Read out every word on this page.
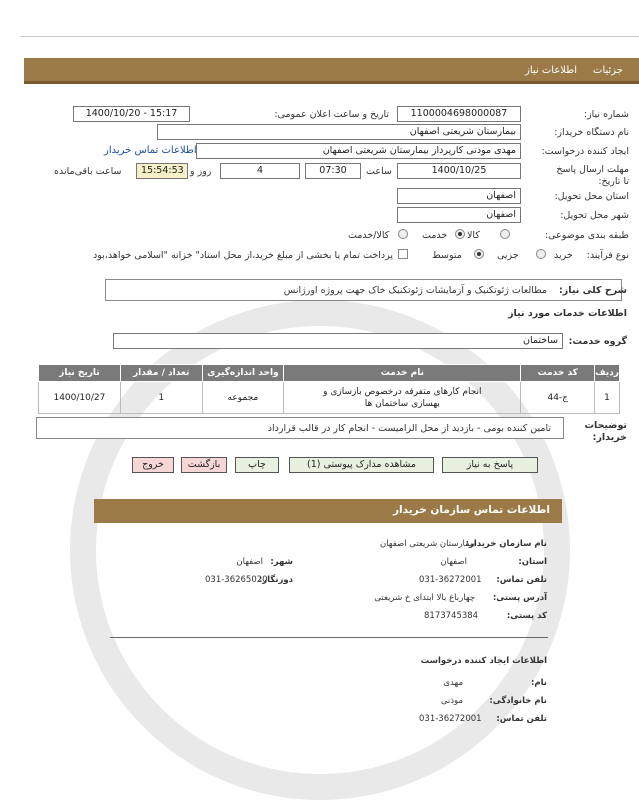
جزئیات
اطلاعات نیاز
شماره نیاز:
1100004698000087
تاریخ و ساعت اعلان عمومی:
1400/10/20 - 15:17
نام دستگاه خریدار:
بیمارستان شریعتی اصفهان
ایجاد کننده درخواست:
مهدی موذنی کارپرداز بیمارستان شریعتی اصفهان
اطلاعات تماس خریدار
مهلت ارسال پاسخ تا تاریخ:
1400/10/25
ساعت
07:30
4
روز و
15:54:53
ساعت باقی‌مانده
استان محل تحویل:
اصفهان
شهر محل تحویل:
اصفهان
طبقه بندی موضوعی:
کالا
خدمت
کالا/خدمت
نوع فرآیند:
خرید
جزیی
متوسط
پرداخت تمام یا بخشی از مبلغ خرید،از محل اسناد" خزانه "اسلامی خواهد،بود
شرح کلی نیاز:
مطالعات ژئوتکنیک و آزمایشات ژئوتکنیک خاک جهت پروژه اورژانس
اطلاعات خدمات مورد نیاز
گروه خدمت:
ساختمان
ردیف	کد خدمت	نام خدمت	واحد اندازه‌گیری	تعداد / مقدار	تاریخ نیاز
1	ج-44	انجام کارهای متفرقه درخصوص بازسازی و بهسازی ساختمان ها	مجموعه	1	1400/10/27
تامین کننده بومی - بازدید از محل الزامیست - انجام کار در قالب قرارداد	توضیحات خریدار:
پاسخ به نیاز
مشاهده مدارک پیوستی (1)
چاپ
بازگشت
خروج
اطلاعات تماس سازمان خریدار
نام سازمان خریدار:
بیمارستان شریعتی اصفهان
استان:
اصفهان
شهر:
اصفهان
تلفن تماس:
031-36272001
دورنگار:
031-36265020
آدرس پستی:
چهارباغ بالا ابتدای خ شریعتی
کد پستی:
8173745384
اطلاعات ایجاد کننده درخواست
نام:
مهدی
نام خانوادگی:
موذنی
تلفن تماس:
031-36272001
